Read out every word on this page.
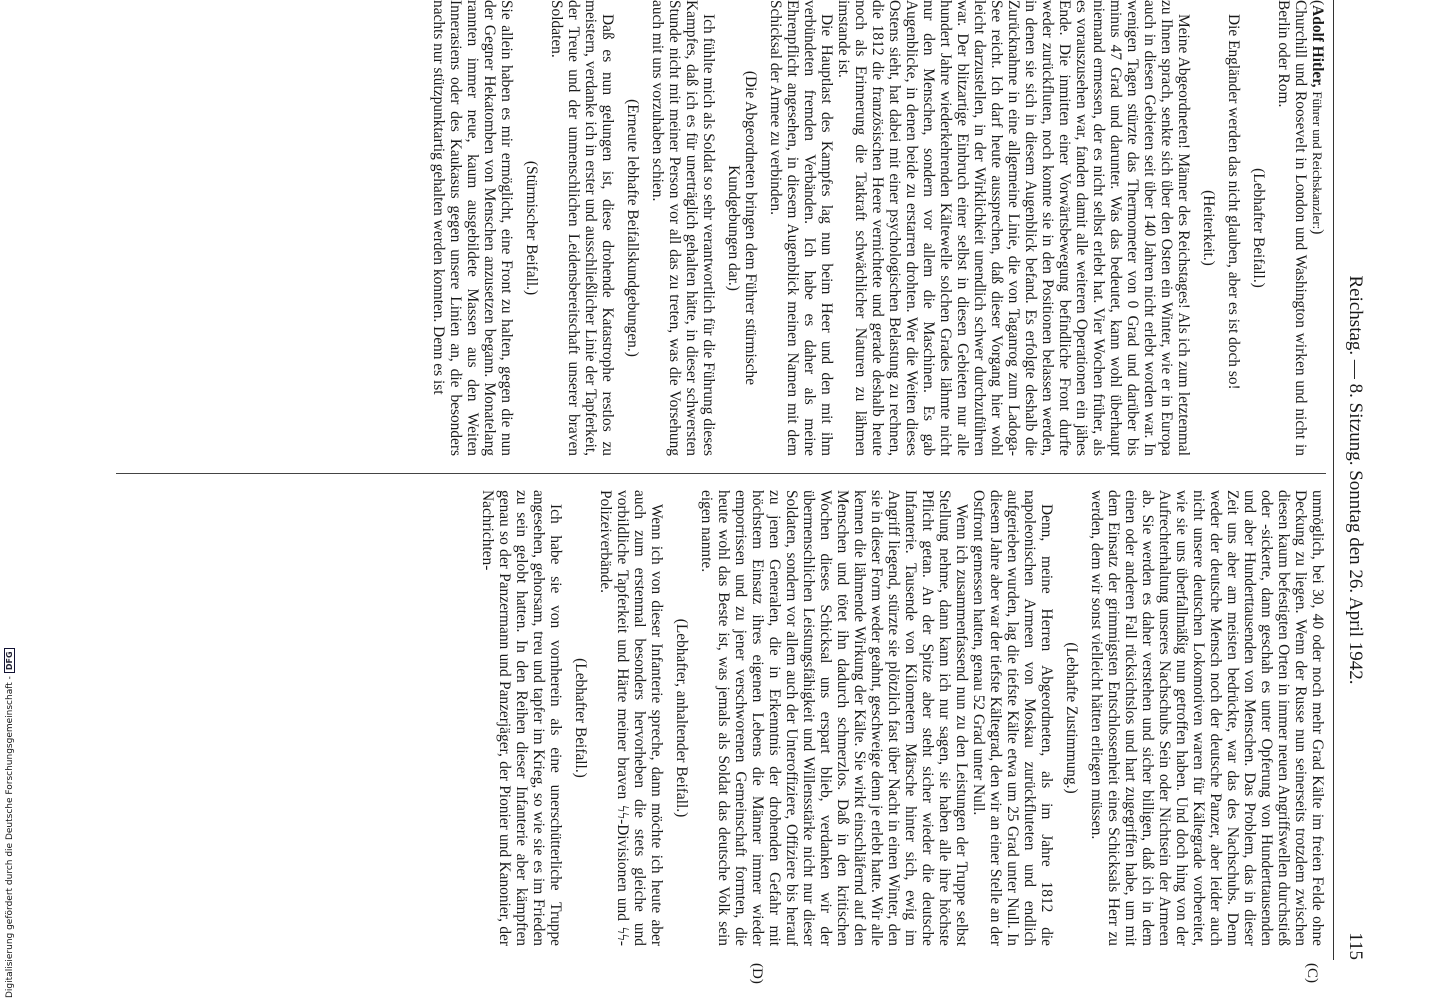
Reichstag. — 8. Sitzung. Sonntag den 26. April 1942.
115
(C)
(D)

(Adolf Hitler, Führer und Reichskanzler:)

Churchill und Roosevelt in London und Washington wirken und nicht in Berlin oder Rom.

(Lebhafter Beifall.)

Die Engländer werden das nicht glauben, aber es ist doch so!

(Heiterkeit.)

Meine Abgeordneten! Männer des Reichstages! Als ich zum letztenmal zu Ihnen sprach, senkte sich über den Osten ein Winter, wie er in Europa auch in diesen Gebieten seit über 140 Jahren nicht erlebt worden war. In wenigen Tagen stürzte das Thermometer von 0 Grad und darüber bis minus 47 Grad und darunter. Was das bedeutet, kann wohl überhaupt niemand ermessen, der es nicht selbst erlebt hat. Vier Wochen früher, als es vorauszusehen war, fanden damit alle weiteren Operationen ein jähes Ende. Die inmitten einer Vorwärtsbewegung befindliche Front durfte weder zurückfluten, noch konnte sie in den Positionen belassen werden, in denen sie sich in diesem Augenblick befand. Es erfolgte deshalb die Zurücknahme in eine allgemeine Linie, die von Taganrog zum Ladoga-See reicht. Ich darf heute aussprechen, daß dieser Vorgang hier wohl leicht darzustellen, in der Wirklichkeit unendlich schwer durchzuführen war. Der blitzartige Einbruch einer selbst in diesen Gebieten nur alle hundert Jahre wiederkehrenden Kältewelle solchen Grades lähmte nicht nur den Menschen, sondern vor allem die Maschinen. Es gab Augenblicke, in denen beide zu erstarren drohten. Wer die Weiten dieses Ostens sieht, hat dabei mit einer psychologischen Belastung zu rechnen, die 1812 die französischen Heere vernichtete und gerade deshalb heute noch als Erinnerung die Tatkraft schwächlicher Naturen zu lähmen imstande ist.

Die Hauptlast des Kampfes lag nun beim Heer und den mit ihm verbündeten fremden Verbänden. Ich habe es daher als meine Ehrenpflicht angesehen, in diesem Augenblick meinen Namen mit dem Schicksal der Armee zu verbinden.

(Die Abgeordneten bringen dem Führer stürmische Kundgebungen dar.)

Ich fühlte mich als Soldat so sehr verantwortlich für die Führung dieses Kampfes, daß ich es für unerträglich gehalten hätte, in dieser schwersten Stunde nicht mit meiner Person vor all das zu treten, was die Vorsehung auch mit uns vorzuhaben schien.

(Erneute lebhafte Beifallskundgebungen.)

Daß es nun gelungen ist, diese drohende Katastrophe restlos zu meistern, verdanke ich in erster und ausschließlicher Linie der Tapferkeit, der Treue und der unmenschlichen Leidensbereitschaft unserer braven Soldaten.

(Stürmischer Beifall.)

Sie allein haben es mir ermöglicht, eine Front zu halten, gegen die nun der Gegner Hekatomben von Menschen anzusetzen begann. Monatelang rannten immer neue, kaum ausgebildete Massen aus den Weiten Innerasiens oder des Kaukasus gegen unsere Linien an, die besonders nachts nur stützpunktartig gehalten werden konnten. Denn es ist

unmöglich, bei 30, 40 oder noch mehr Grad Kälte im freien Felde ohne Deckung zu liegen. Wenn der Russe nun seinerseits trotzdem zwischen diesen kaum befestigten Orten in immer neuen Angriffswellen durchstieß oder -sickerte, dann geschah es unter Opferung von Hunderttausenden und aber Hunderttausenden von Menschen. Das Problem, das in dieser Zeit uns aber am meisten bedrückte, war das des Nachschubs. Denn weder der deutsche Mensch noch der deutsche Panzer, aber leider auch nicht unsere deutschen Lokomotiven waren für Kältegrade vorbereitet, wie sie uns überfallmäßig nun getroffen haben. Und doch hing von der Aufrechterhaltung unseres Nachschubs Sein oder Nichtsein der Armeen ab. Sie werden es daher verstehen und sicher billigen, daß ich in dem einen oder anderen Fall rücksichtslos und hart zugegriffen habe, um mit dem Einsatz der grimmigsten Entschlossenheit eines Schicksals Herr zu werden, dem wir sonst vielleicht hätten erliegen müssen.

(Lebhafte Zustimmung.)

Denn, meine Herren Abgeordneten, als im Jahre 1812 die napoleonischen Armeen von Moskau zurückfluteten und endlich aufgerieben wurden, lag die tiefste Kälte etwa um 25 Grad unter Null. In diesem Jahre aber war der tiefste Kältegrad, den wir an einer Stelle an der Ostfront gemessen hatten, genau 52 Grad unter Null.

Wenn ich zusammenfassend nun zu den Leistungen der Truppe selbst Stellung nehme, dann kann ich nur sagen, sie haben alle ihre höchste Pflicht getan. An der Spitze aber steht sicher wieder die deutsche Infanterie. Tausende von Kilometern Märsche hinter sich, ewig im Angriff liegend, stürzte sie plötzlich fast über Nacht in einen Winter, den sie in dieser Form weder geahnt, geschweige denn je erlebt hatte. Wir alle kennen die lähmende Wirkung der Kälte. Sie wirkt einschläfernd auf den Menschen und tötet ihn dadurch schmerzlos. Daß in den kritischen Wochen dieses Schicksal uns erspart blieb, verdanken wir der übermenschlichen Leistungsfähigkeit und Willensstärke nicht nur dieser Soldaten, sondern vor allem auch der Unteroffiziere, Offiziere bis herauf zu jenen Generalen, die in Erkenntnis der drohenden Gefahr mit höchstem Einsatz ihres eigenen Lebens die Männer immer wieder emporrissen und zu jener verschworenen Gemeinschaft formten, die heute wohl das Beste ist, was jemals als Soldat das deutsche Volk sein eigen nannte.

(Lebhafter, anhaltender Beifall.)

Wenn ich von dieser Infanterie spreche, dann möchte ich heute aber auch zum erstenmal besonders hervorheben die stets gleiche und vorbildliche Tapferkeit und Härte meiner braven ϟϟ-Divisionen und ϟϟ-Polizeiverbände.

(Lebhafter Beifall.)

Ich habe sie von vornherein als eine unerschütterliche Truppe angesehen, gehorsam, treu und tapfer im Krieg, so wie sie es im Frieden zu sein gelobt hatten. In den Reihen dieser Infanterie aber kämpften genau so der Panzermann und Panzerjäger, der Pionier und Kanonier, der Nachrichten-

Digitalisierung gefördert durch die Deutsche Forschungsgemeinschaft -DFG
